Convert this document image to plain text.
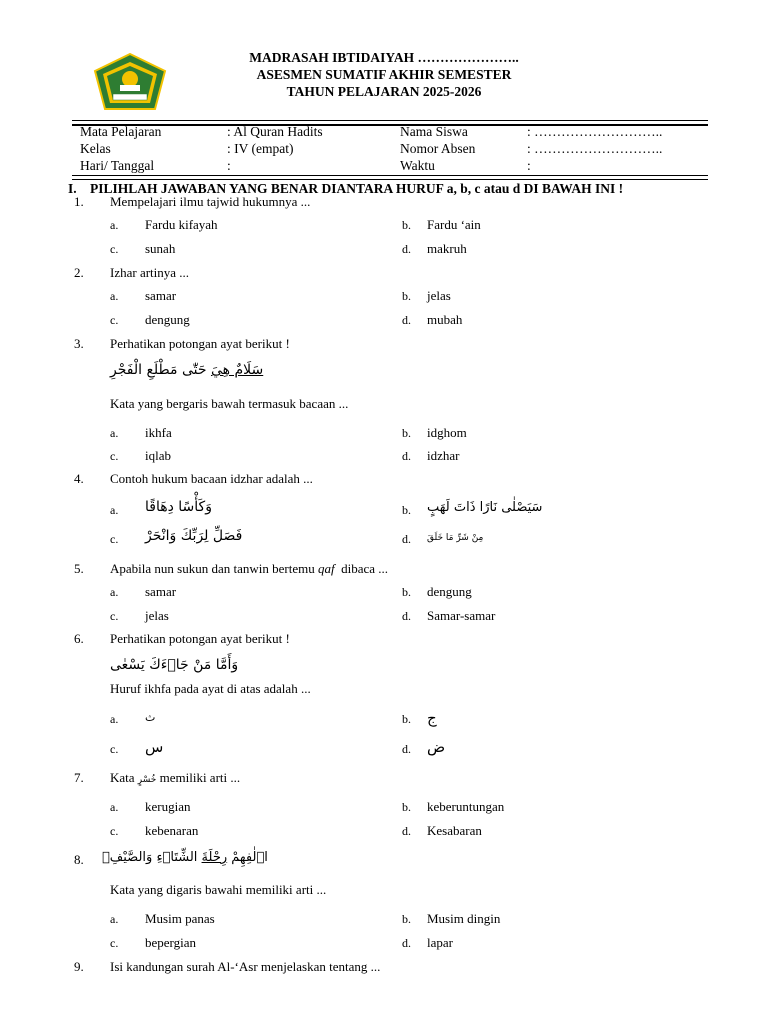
MADRASAH IBTIDAIYAH …………………..
ASESMEN SUMATIF AKHIR SEMESTER
TAHUN PELAJARAN 2025-2026
Mata Pelajaran	: Al Quran Hadits	Nama Siswa	: ………………………..
Kelas	: IV (empat)	Nomor Absen	: ………………………..
Hari/ Tanggal	:	Waktu	:
I. PILIHLAH JAWABAN YANG BENAR DIANTARA HURUF a, b, c atau d DI BAWAH INI !
1. Mempelajari ilmu tajwid hukumnya ...
a. Fardu kifayah	b. Fardu ‘ain
c. sunah	d. makruh
2. Izhar artinya ...
a. samar	b. jelas
c. dengung	d. mubah
3. Perhatikan potongan ayat berikut !
سَلَامٌ هِيَ حَتّٰى مَطْلَعِ الْفَجْرِ
Kata yang bergaris bawah termasuk bacaan ...
a. ikhfa	b. idghom
c. iqlab	d. idzhar
4. Contoh hukum bacaan idzhar adalah ...
a. وَكَأْسًا دِهَاقًا	b. سَيَصْلٰى نَارًا ذَاتَ لَهَبٍ
c. فَصَلِّ لِرَبِّكَ وَانْحَرْ	d. مِنْ شَرِّ مَا خَلَقَ
5. Apabila nun sukun dan tanwin bertemu qaf  dibaca ...
a. samar	b. dengung
c. jelas	d. Samar-samar
6. Perhatikan potongan ayat berikut !
وَأَمَّا مَنْ جَاۤءَكَ يَسْعٰى
Huruf ikhfa pada ayat di atas adalah ...
a. ث	b. ج
c. س	d. ض
7. Kata خُسْرٍ memiliki arti ...
a. kerugian	b. keberuntungan
c. kebenaran	d. Kesabaran
8.	اٖلٰفِهِمْ رِحْلَةَ الشِّتَاۤءِ وَالصَّيْفِۚ
Kata yang digaris bawahi memiliki arti ...
a. Musim panas	b. Musim dingin
c. bepergian	d. lapar
9. Isi kandungan surah Al-‘Asr menjelaskan tentang ...
